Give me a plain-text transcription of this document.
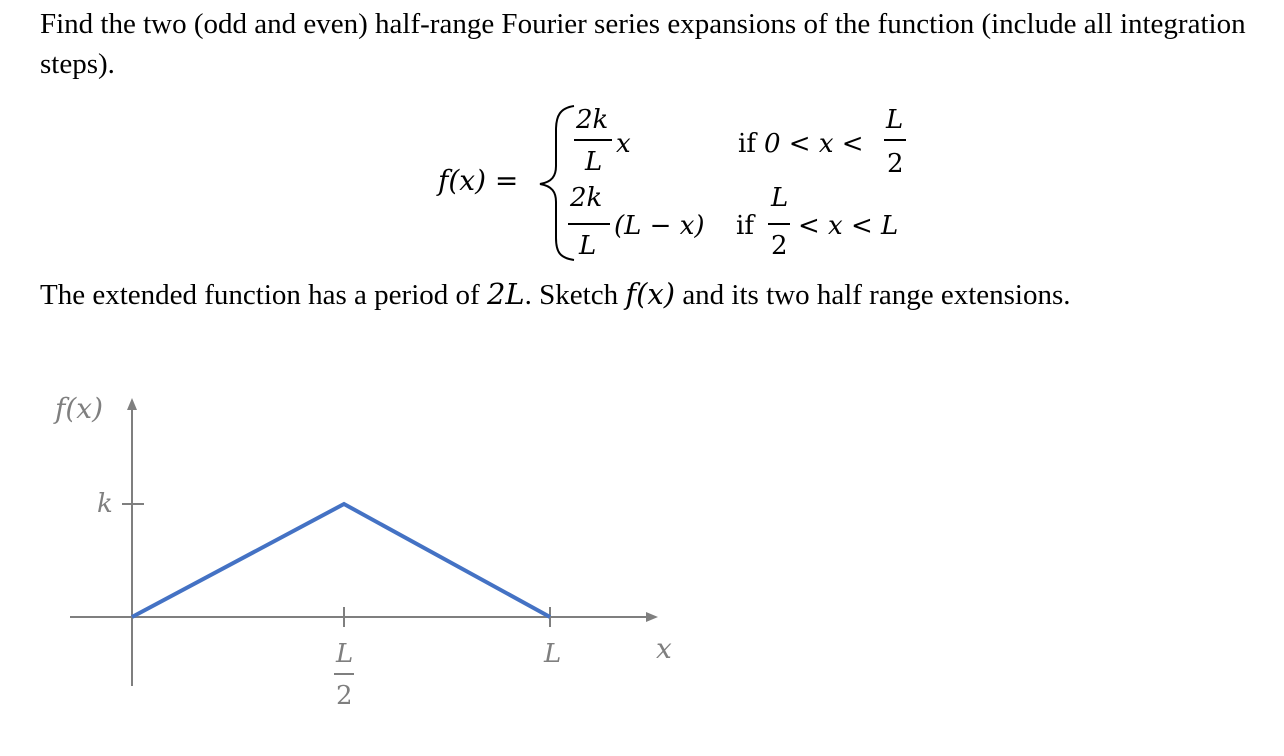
Find the two (odd and even) half-range Fourier series expansions of the function (include all integration steps).
f(x) =
2k
L
x	if 0 < x <
L
2
2k
L
(L − x) if
L
2
< x < L
The extended function has a period of 2L. Sketch f(x) and its two half range extensions.
f(x)
x
k
L
2
L
